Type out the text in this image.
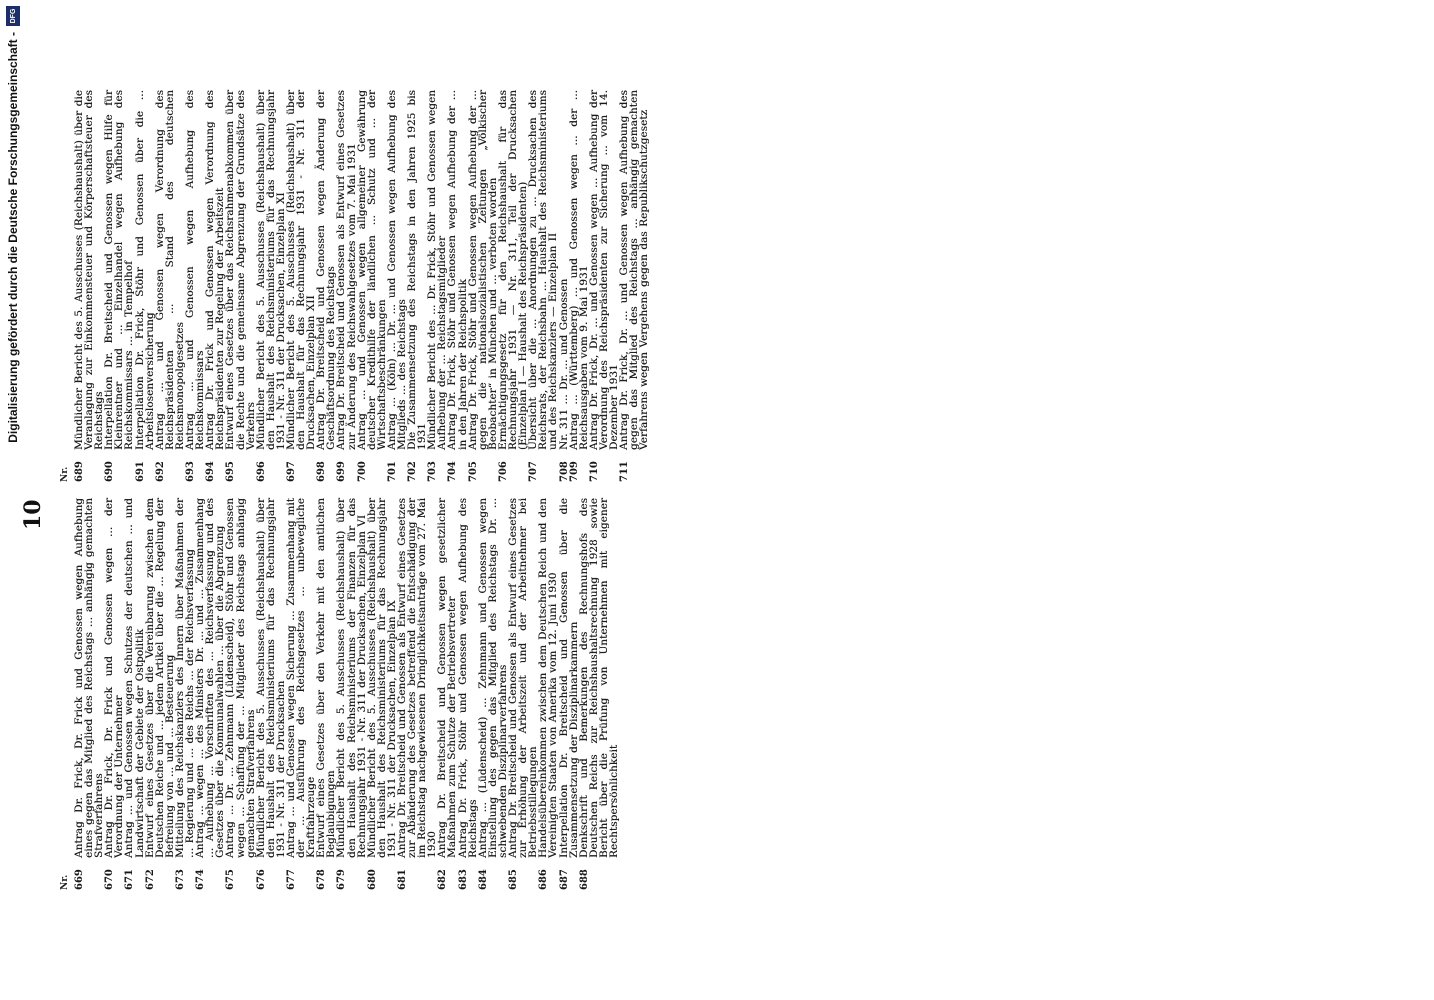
Digitalisierung gefördert durch die Deutsche Forschungsgemeinschaft -
DFG
10
Nr. 669
Antrag Dr. Frick, Dr. Frick und Genossen wegen Aufhebung eines gegen das Mitglied des Reichstags ... anhängig gemachten Strafverfahrens
670
Antrag Dr. Frick, Dr. Frick und Genossen wegen ... der Verordnung der Unternehmer
671
Antrag ... und Genossen wegen Schutzes der deutschen ... und Landwirtschaft der Gebiete der Ostpolitik
672
Entwurf eines Gesetzes über die Vereinbarung zwischen dem Deutschen Reiche und ... jedem Artikel über die ... Regelung der Befreiung von ... und ... Besteuerung
673
Mitteilung des Reichskanzlers des Innern über Maßnahmen der ... Regierung und ... des Reichs ... der Reichsverfassung
674
Antrag ... wegen ... des Ministers Dr. ... und ... Zusammenhang ... Aufhebung ... Vorschriften des ... Reichsverfassung und des Gesetzes über die Kommunalwahlen ... über die Abgrenzung
675
Antrag ... Dr. ... Zehnmann (Lüdenscheid), Stöhr und Genossen wegen ... Schaffung der ... Mitglieder des Reichstags anhängig gemachten Strafverfahrens
676
Mündlicher Bericht des 5. Ausschusses (Reichshaushalt) über den Haushalt des Reichsministeriums für das Rechnungsjahr 1931 - Nr. 311 der Drucksachen
677
Antrag ... und Genossen wegen Sicherung ... Zusammenhang mit der ... Ausführung des Reichsgesetzes ... unbewegliche Kraftfahrzeuge
678
Entwurf eines Gesetzes über den Verkehr mit den amtlichen Beglaubigungen
679
Mündlicher Bericht des 5. Ausschusses (Reichshaushalt) über den Haushalt des Reichsministeriums der Finanzen für das Rechnungsjahr 1931 - Nr. 311 der Drucksachen, Einzelplan VI
680
Mündlicher Bericht des 5. Ausschusses (Reichshaushalt) über den Haushalt des Reichsministeriums für das Rechnungsjahr 1931 - Nr. 311 der Drucksachen, Einzelplan IX
681
Antrag Dr. Breitscheid und Genossen als Entwurf eines Gesetzes zur Abänderung des Gesetzes betreffend die Entschädigung der im Reichstag nachgewiesenen Dringlichkeitsanträge vom 27. Mai 1930
682
Antrag Dr. Breitscheid und Genossen wegen gesetzlicher Maßnahmen zum Schutze der Betriebsvertreter
683
Antrag Dr. Frick, Stöhr und Genossen wegen Aufhebung des Reichstags
684
Antrag ... (Lüdenscheid) ... Zehnmann und Genossen wegen Einstellung des gegen das Mitglied des Reichstags Dr. ... schwebenden Disziplinarverfahrens
685
Antrag Dr. Breitscheid und Genossen als Entwurf eines Gesetzes zur Erhöhung der Arbeitszeit und der Arbeitnehmer bei Betriebsstillegungen
686
Handelsübereinkommen zwischen dem Deutschen Reich und den Vereinigten Staaten von Amerika vom 12. Juni 1930
687
Interpellation Dr. Breitscheid und Genossen über die Zusammensetzung der Disziplinarkammern
688
Denkschrift und Bemerkungen des Rechnungshofs des Deutschen Reichs zur Reichshaushaltsrechnung 1928 sowie Bericht über die Prüfung von Unternehmen mit eigener Rechtspersönlichkeit
Nr. 689
Mündlicher Bericht des 5. Ausschusses (Reichshaushalt) über die Veranlagung zur Einkommensteuer und Körperschaftsteuer des Reichstags
690
Interpellation Dr. Breitscheid und Genossen wegen Hilfe für Kleinrentner und ... Einzelhandel wegen Aufhebung des Reichskommissars ... in Tempelhof
691
Interpellation Dr. Frick, Stöhr und Genossen über die ... Arbeitslosenversicherung
692
Antrag ... und Genossen wegen Verordnung des Reichspräsidenten ... Stand des deutschen Reichsmonopolgesetzes
693
Antrag ... und Genossen wegen Aufhebung des Reichskommissars
694
Antrag Dr. Frick und Genossen wegen Verordnung des Reichspräsidenten zur Regelung der Arbeitszeit
695
Entwurf eines Gesetzes über das Reichsrahmenabkommen über die Rechte und die gemeinsame Abgrenzung der Grundsätze des Verkehrs
696
Mündlicher Bericht des 5. Ausschusses (Reichshaushalt) über den Haushalt des Reichsministeriums für das Rechnungsjahr 1931 - Nr. 311 der Drucksachen, Einzelplan XI
697
Mündlicher Bericht des 5. Ausschusses (Reichshaushalt) über den Haushalt für das Rechnungsjahr 1931 - Nr. 311 der Drucksachen, Einzelplan XII
698
Antrag Dr. Breitscheid und Genossen wegen Änderung der Geschäftsordnung des Reichstags
699
Antrag Dr. Breitscheid und Genossen als Entwurf eines Gesetzes zur Änderung des Reichswahlgesetzes vom 7. Mai 1931
700
Antrag ... und Genossen wegen allgemeiner Gewährung deutscher Kredithilfe der ländlichen ... Schutz und ... der Wirtschaftsbeschränkungen
701
Antrag ... (Köln) ... Dr. ... und Genossen wegen Aufhebung des Mitglieds ... des Reichstags
702
Die Zusammensetzung des Reichstags in den Jahren 1925 bis 1931
703
Mündlicher Bericht des ... Dr. Frick, Stöhr und Genossen wegen Aufhebung der ... Reichstagsmitglieder
704
Antrag Dr. Frick, Stöhr und Genossen wegen Aufhebung der ... in den Jahren der Reichspolitik
705
Antrag Dr. Frick, Stöhr und Genossen wegen Aufhebung der ... gegen die nationalsozialistischen Zeitungen „Völkischer Beobachter“ in München und ... verboten worden
706
Ermächtigungsgesetz für den Reichshaushalt für das Rechnungsjahr 1931 — Nr. 311, Teil der Drucksachen (Einzelplan I — Haushalt des Reichspräsidenten)
707
Übersicht über die ... Anordnungen zu ... Drucksachen des Reichsrats, der Reichsbahn ... Haushalt des Reichsministeriums und des Reichskanzlers — Einzelplan II
708
Nr. 311 ... Dr. ... und Genossen
709
Antrag ... (Württemberg) ... und Genossen wegen ... der ... Reichsausgaben vom 9. Mai 1931
710
Antrag Dr. Frick, Dr. ... und Genossen wegen ... Aufhebung der Verordnung des Reichspräsidenten zur Sicherung ... vom 14. Dezember 1931
711
Antrag Dr. Frick, Dr. ... und Genossen wegen Aufhebung des gegen das Mitglied des Reichstags ... anhängig gemachten Verfahrens wegen Vergehens gegen das Republikschutzgesetz
